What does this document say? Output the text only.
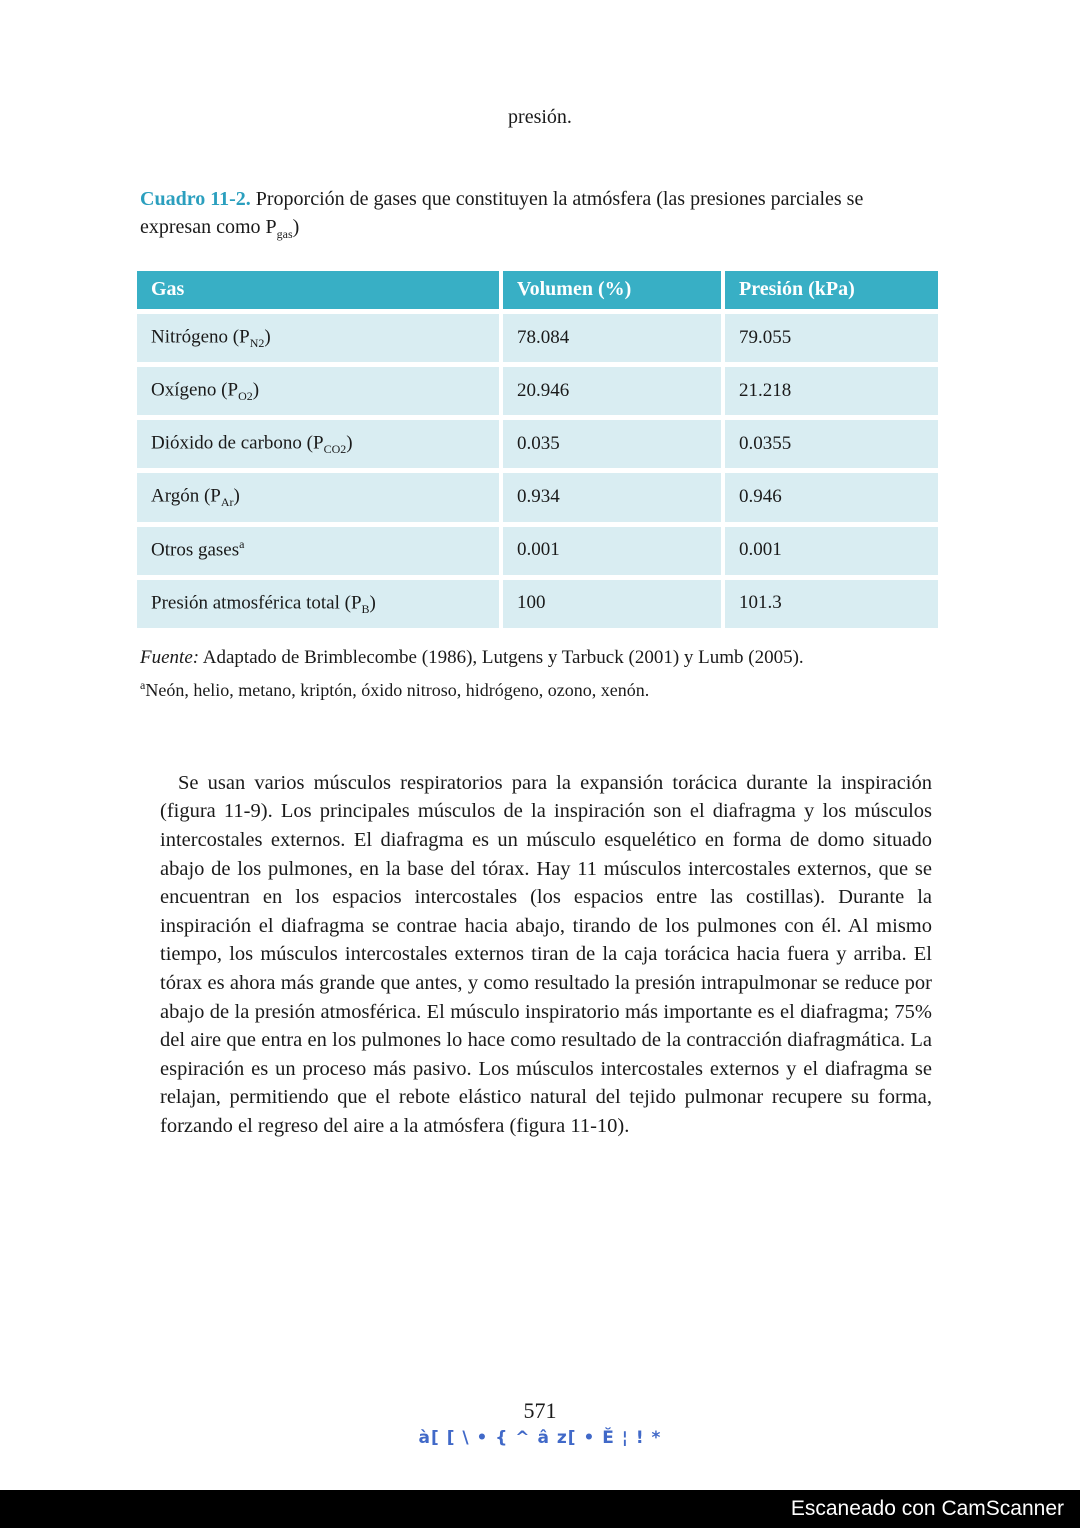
presión.
Cuadro 11-2. Proporción de gases que constituyen la atmósfera (las presiones parciales se expresan como $P_{gas}$)
Gas	Volumen (%)	Presión (kPa)
Nitrógeno $(P_{N2})$	78.084	79.055
Oxígeno $(P_{O2})$	20.946	21.218
Dióxido de carbono $(P_{CO2})$	0.035	0.0355
Argón $(P_{Ar})$	0.934	0.946
Otros gases$^a$	0.001	0.001
Presión atmosférica total $(P_B)$	100	101.3
Fuente: Adaptado de Brimblecombe (1986), Lutgens y Tarbuck (2001) y Lumb (2005).
$^a$Neón, helio, metano, kriptón, óxido nitroso, hidrógeno, ozono, xenón.
Se usan varios músculos respiratorios para la expansión torácica durante la inspiración (figura 11-9). Los principales músculos de la inspiración son el diafragma y los músculos intercostales externos. El diafragma es un músculo esquelético en forma de domo situado abajo de los pulmones, en la base del tórax. Hay 11 músculos intercostales externos, que se encuentran en los espacios intercostales (los espacios entre las costillas). Durante la inspiración el diafragma se contrae hacia abajo, tirando de los pulmones con él. Al mismo tiempo, los músculos intercostales externos tiran de la caja torácica hacia fuera y arriba. El tórax es ahora más grande que antes, y como resultado la presión intrapulmonar se reduce por abajo de la presión atmosférica. El músculo inspiratorio más importante es el diafragma; 75% del aire que entra en los pulmones lo hace como resultado de la contracción diafragmática. La espiración es un proceso más pasivo. Los músculos intercostales externos y el diafragma se relajan, permitiendo que el rebote elástico natural del tejido pulmonar recupere su forma, forzando el regreso del aire a la atmósfera (figura 11-10).
571
à[ [ \ • { ^ â z[ • Ĕ ¦ ! *
Escaneado con CamScanner
